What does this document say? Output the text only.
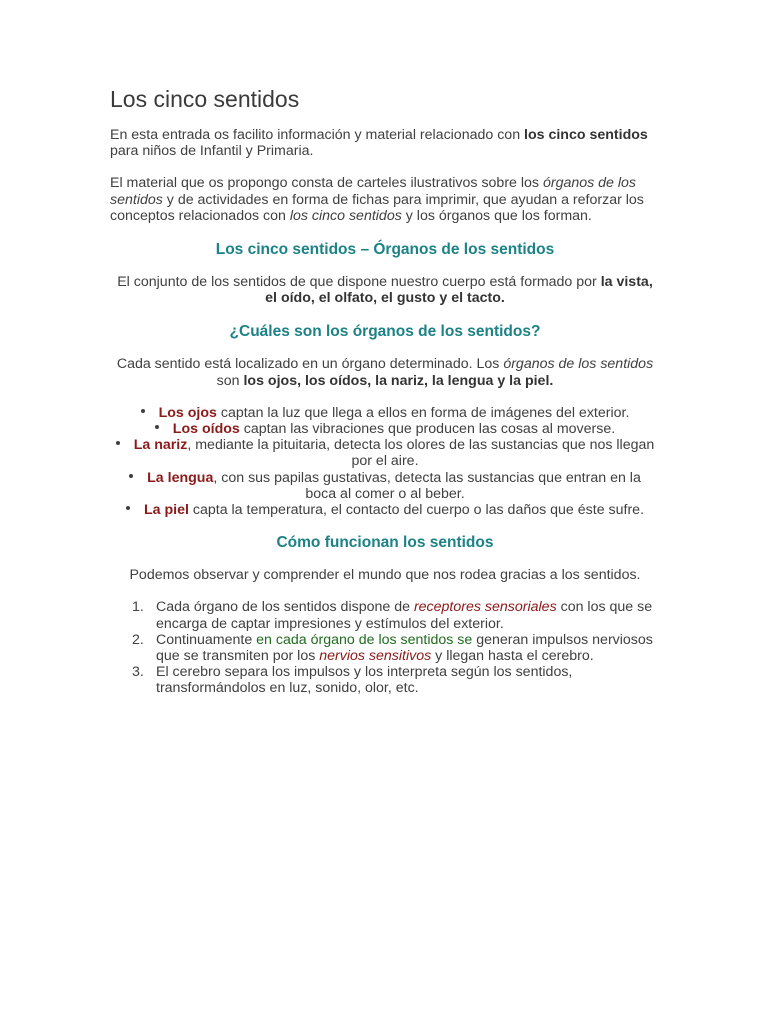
Los cinco sentidos

En esta entrada os facilito información y material relacionado con los cinco sentidos para niños de Infantil y Primaria.

El material que os propongo consta de carteles ilustrativos sobre los órganos de los sentidos y de actividades en forma de fichas para imprimir, que ayudan a reforzar los conceptos relacionados con los cinco sentidos y los órganos que los forman.

Los cinco sentidos – Órganos de los sentidos

El conjunto de los sentidos de que dispone nuestro cuerpo está formado por la vista, el oído, el olfato, el gusto y el tacto.

¿Cuáles son los órganos de los sentidos?

Cada sentido está localizado en un órgano determinado. Los órganos de los sentidos son los ojos, los oídos, la nariz, la lengua y la piel.

Los ojos captan la luz que llega a ellos en forma de imágenes del exterior.
Los oídos captan las vibraciones que producen las cosas al moverse.
La nariz, mediante la pituitaria, detecta los olores de las sustancias que nos llegan por el aire.
La lengua, con sus papilas gustativas, detecta las sustancias que entran en la boca al comer o al beber.
La piel capta la temperatura, el contacto del cuerpo o las daños que éste sufre.
Cómo funcionan los sentidos

Podemos observar y comprender el mundo que nos rodea gracias a los sentidos.

1. Cada órgano de los sentidos dispone de receptores sensoriales con los que se encarga de captar impresiones y estímulos del exterior.
2. Continuamente en cada órgano de los sentidos se generan impulsos nerviosos que se transmiten por los nervios sensitivos y llegan hasta el cerebro.
3. El cerebro separa los impulsos y los interpreta según los sentidos, transformándolos en luz, sonido, olor, etc.
